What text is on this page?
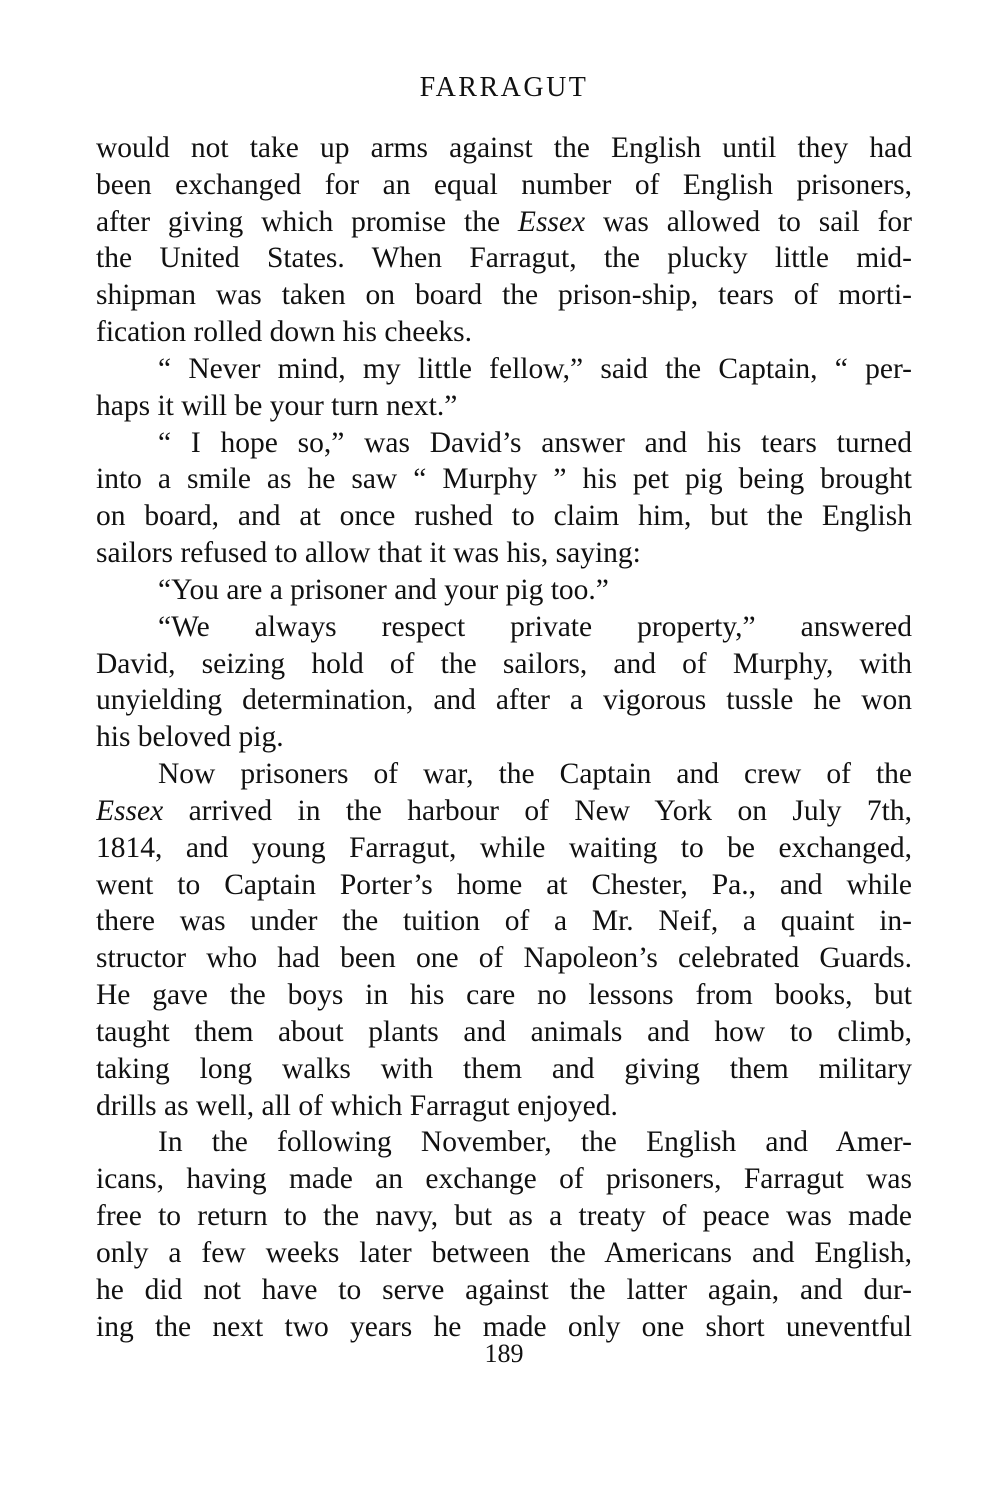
FARRAGUT
would not take up arms against the English until they had
been exchanged for an equal number of English prisoners,
after giving which promise the Essex was allowed to sail for
the United States. When Farragut, the plucky little mid-
shipman was taken on board the prison-ship, tears of morti-
fication rolled down his cheeks.
“ Never mind, my little fellow,” said the Captain, “ per-
haps it will be your turn next.”
“ I hope so,” was David’s answer and his tears turned
into a smile as he saw “ Murphy ” his pet pig being brought
on board, and at once rushed to claim him, but the English
sailors refused to allow that it was his, saying:
“You are a prisoner and your pig too.”
“We always respect private property,” answered
David, seizing hold of the sailors, and of Murphy, with
unyielding determination, and after a vigorous tussle he won
his beloved pig.
Now prisoners of war, the Captain and crew of the
Essex arrived in the harbour of New York on July 7th,
1814, and young Farragut, while waiting to be exchanged,
went to Captain Porter’s home at Chester, Pa., and while
there was under the tuition of a Mr. Neif, a quaint in-
structor who had been one of Napoleon’s celebrated Guards.
He gave the boys in his care no lessons from books, but
taught them about plants and animals and how to climb,
taking long walks with them and giving them military
drills as well, all of which Farragut enjoyed.
In the following November, the English and Amer-
icans, having made an exchange of prisoners, Farragut was
free to return to the navy, but as a treaty of peace was made
only a few weeks later between the Americans and English,
he did not have to serve against the latter again, and dur-
ing the next two years he made only one short uneventful
189
